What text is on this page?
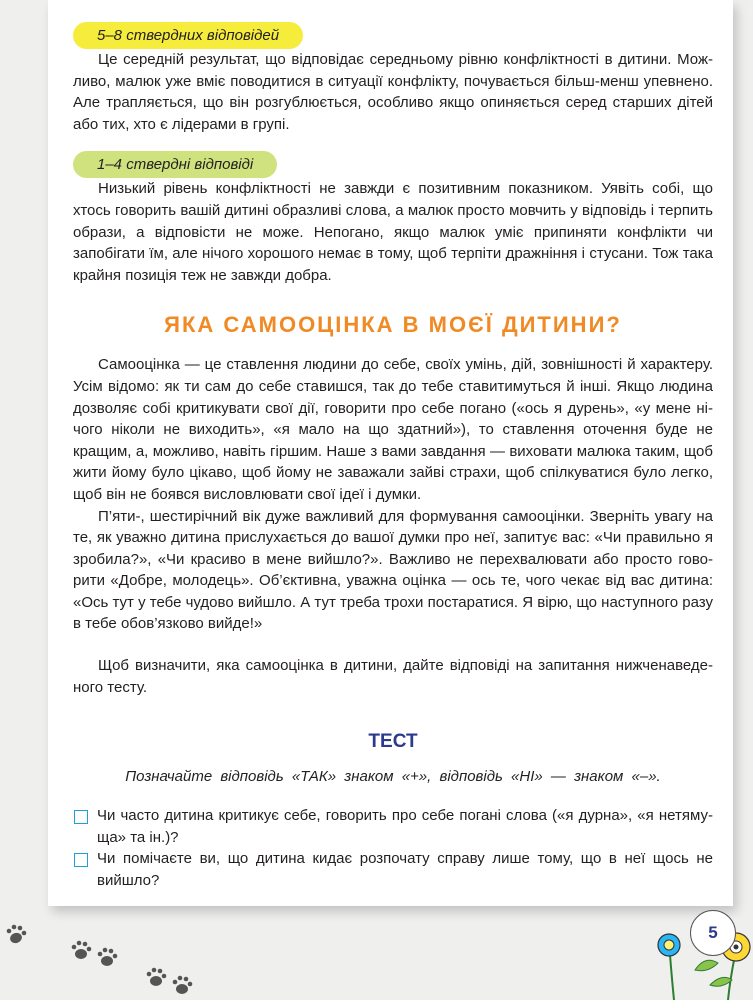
5–8 ствердних відповідей

Це середній результат, що відповідає середньому рівню конфліктності в дитини. Можливо, малюк уже вміє поводитися в ситуації конфлікту, почувається більш-менш упевнено. Але трапляється, що він розгублюється, особливо якщо опиняється серед старших дітей або тих, хто є лідерами в групі.

1–4 ствердні відповіді

Низький рівень конфліктності не завжди є позитивним показником. Уявіть собі, що хтось говорить вашій дитині образливі слова, а малюк просто мовчить у відповідь і терпить образи, а відповісти не може. Непогано, якщо малюк уміє припиняти конфлікти чи запобігати їм, але нічого хорошого немає в тому, щоб терпіти дражніння і стусани. Тож така крайня позиція теж не завжди добра.

ЯКА САМООЦІНКА В МОЄЇ ДИТИНИ?

Самооцінка — це ставлення людини до себе, своїх умінь, дій, зовнішності й характеру. Усім відомо: як ти сам до себе ставишся, так до тебе ставитимуться й інші. Якщо людина дозволяє собі критикувати свої дії, говорити про себе погано («ось я дурень», «у мене нічого ніколи не виходить», «я мало на що здатний»), то ставлення оточення буде не кращим, а, можливо, навіть гіршим. Наше з вами завдання — виховати малюка таким, щоб жити йому було цікаво, щоб йому не заважали зайві страхи, щоб спілкуватися було легко, щоб він не боявся висловлювати свої ідеї і думки.

П’яти-, шестирічний вік дуже важливий для формування самооцінки. Зверніть увагу на те, як уважно дитина прислухається до вашої думки про неї, запитує вас: «Чи правильно я зробила?», «Чи красиво в мене вийшло?». Важливо не перехвалювати або просто говорити «Добре, молодець». Об’єктивна, уважна оцінка — ось те, чого чекає від вас дитина: «Ось тут у тебе чудово вийшло. А тут треба трохи постаратися. Я вірю, що наступного разу в тебе обов’язково вийде!»

Щоб визначити, яка самооцінка в дитини, дайте відповіді на запитання нижченаведеного тесту.

ТЕСТ
Позначайте відповідь «ТАК» знаком «+», відповідь «НІ» — знаком «–».
Чи часто дитина критикує себе, говорить про себе погані слова («я дурна», «я нетямуща» та ін.)?
Чи помічаєте ви, що дитина кидає розпочату справу лише тому, що в неї щось не вийшло?
5
